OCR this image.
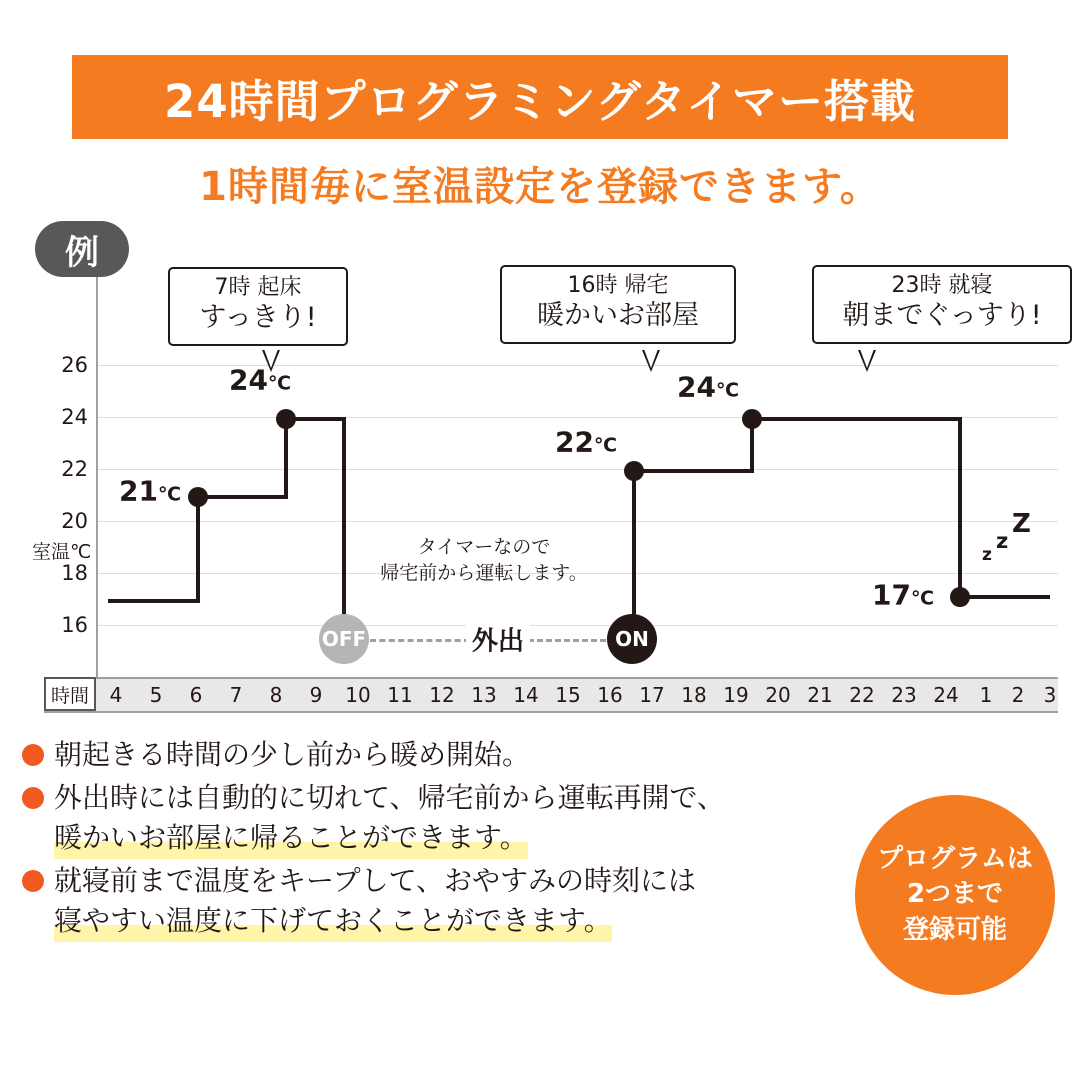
24時間プログラミングタイマー搭載
1時間毎に室温設定を登録できます。
例
室温℃
26
24
22
20
18
16
21℃
24℃
22℃
24℃
17℃
z
z
Z
外出
OFF	ON
タイマーなので
帰宅前から運転します。
7時 起床
すっきり!
16時 帰宅
暖かいお部屋
23時 就寝
朝までぐっすり!
時間	4 5 6 7 8 9 10 11 12 13 14 15 16 17 18 19 20 21 22 23 24 1 2 3
朝起きる時間の少し前から暖め開始。
外出時には自動的に切れて、帰宅前から運転再開で、
暖かいお部屋に帰ることができます。
就寝前まで温度をキープして、おやすみの時刻には
寝やすい温度に下げておくことができます。
プログラムは
2つまで
登録可能
